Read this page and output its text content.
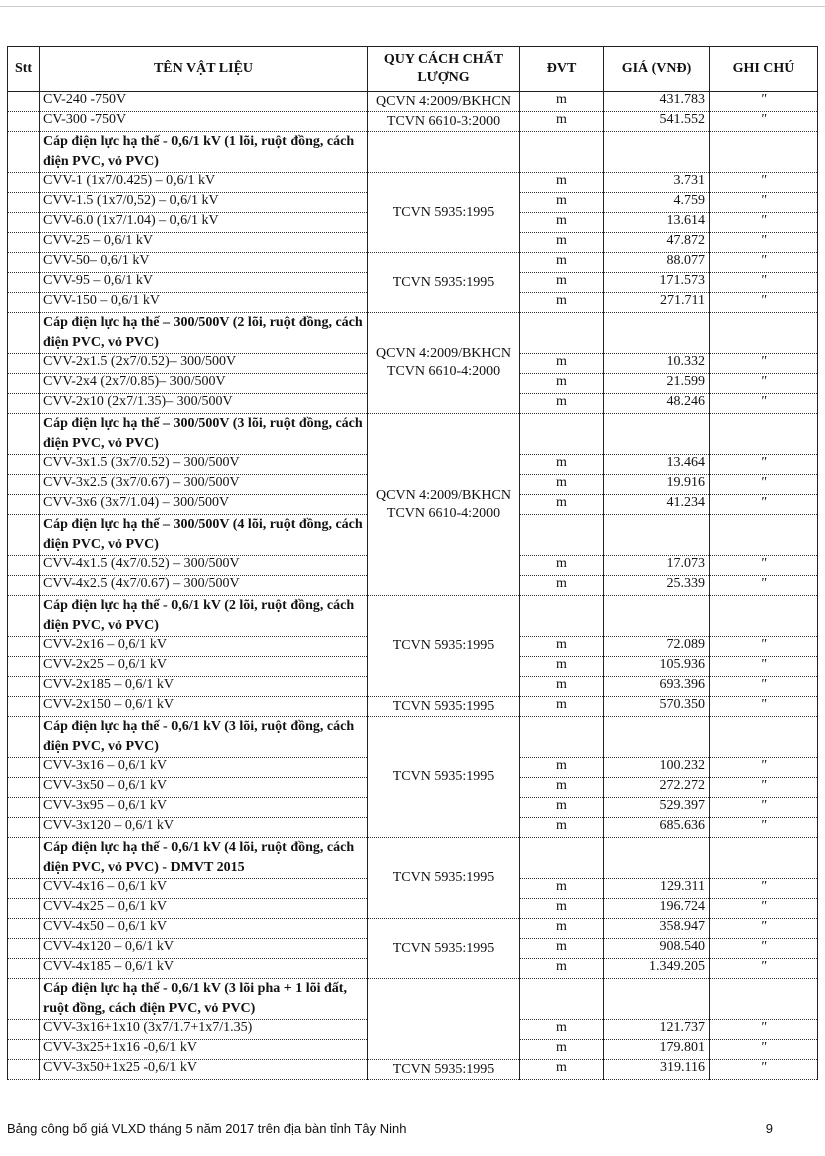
Stt	TÊN VẬT LIỆU	QUY CÁCH CHẤT LƯỢNG	ĐVT	GIÁ (VNĐ)	GHI CHÚ
	CV-240 -750V	QCVN 4:2009/BKHCN	m	431.783	"
	CV-300 -750V	TCVN 6610-3:2000	m	541.552	"
	Cáp điện lực hạ thế - 0,6/1 kV (1 lõi, ruột đồng, cách điện PVC, vỏ PVC)				
	CVV-1 (1x7/0.425) – 0,6/1 kV	TCVN 5935:1995	m	3.731	"
	CVV-1.5 (1x7/0,52) – 0,6/1 kV		m	4.759	"
	CVV-6.0 (1x7/1.04) – 0,6/1 kV		m	13.614	"
	CVV-25 – 0,6/1 kV		m	47.872	"
	CVV-50– 0,6/1 kV	TCVN 5935:1995	m	88.077	"
	CVV-95 – 0,6/1 kV		m	171.573	"
	CVV-150 – 0,6/1 kV		m	271.711	"
	Cáp điện lực hạ thế – 300/500V (2 lõi, ruột đồng, cách điện PVC, vỏ PVC)	QCVN 4:2009/BKHCN TCVN 6610-4:2000			
	CVV-2x1.5 (2x7/0.52)– 300/500V		m	10.332	"
	CVV-2x4 (2x7/0.85)– 300/500V		m	21.599	"
	CVV-2x10 (2x7/1.35)– 300/500V		m	48.246	"
	Cáp điện lực hạ thế – 300/500V (3 lõi, ruột đồng, cách điện PVC, vỏ PVC)	QCVN 4:2009/BKHCN TCVN 6610-4:2000			
	CVV-3x1.5 (3x7/0.52) – 300/500V		m	13.464	"
	CVV-3x2.5 (3x7/0.67) – 300/500V		m	19.916	"
	CVV-3x6 (3x7/1.04) – 300/500V		m	41.234	"
	Cáp điện lực hạ thế – 300/500V (4 lõi, ruột đồng, cách điện PVC, vỏ PVC)				
	CVV-4x1.5 (4x7/0.52) – 300/500V		m	17.073	"
	CVV-4x2.5 (4x7/0.67) – 300/500V		m	25.339	"
	Cáp điện lực hạ thế - 0,6/1 kV (2 lõi, ruột đồng, cách điện PVC, vỏ PVC)	TCVN 5935:1995			
	CVV-2x16 – 0,6/1 kV		m	72.089	"
	CVV-2x25 – 0,6/1 kV		m	105.936	"
	CVV-2x185 – 0,6/1 kV		m	693.396	"
	CVV-2x150 – 0,6/1 kV	TCVN 5935:1995	m	570.350	"
	Cáp điện lực hạ thế - 0,6/1 kV (3 lõi, ruột đồng, cách điện PVC, vỏ PVC)	TCVN 5935:1995			
	CVV-3x16 – 0,6/1 kV		m	100.232	"
	CVV-3x50 – 0,6/1 kV		m	272.272	"
	CVV-3x95 – 0,6/1 kV		m	529.397	"
	CVV-3x120 – 0,6/1 kV		m	685.636	"
	Cáp điện lực hạ thế - 0,6/1 kV (4 lõi, ruột đồng, cách điện PVC, vỏ PVC) - DMVT 2015	TCVN 5935:1995			
	CVV-4x16 – 0,6/1 kV		m	129.311	"
	CVV-4x25 – 0,6/1 kV		m	196.724	"
	CVV-4x50 – 0,6/1 kV	TCVN 5935:1995	m	358.947	"
	CVV-4x120 – 0,6/1 kV		m	908.540	"
	CVV-4x185 – 0,6/1 kV		m	1.349.205	"
	Cáp điện lực hạ thế - 0,6/1 kV (3 lõi pha + 1 lõi đất, ruột đồng, cách điện PVC, vỏ PVC)				
	CVV-3x16+1x10 (3x7/1.7+1x7/1.35)		m	121.737	"
	CVV-3x25+1x16 -0,6/1 kV		m	179.801	"
	CVV-3x50+1x25 -0,6/1 kV	TCVN 5935:1995	m	319.116	"
Bảng công bố giá VLXD tháng 5 năm 2017 trên địa bàn tỉnh Tây Ninh	9
